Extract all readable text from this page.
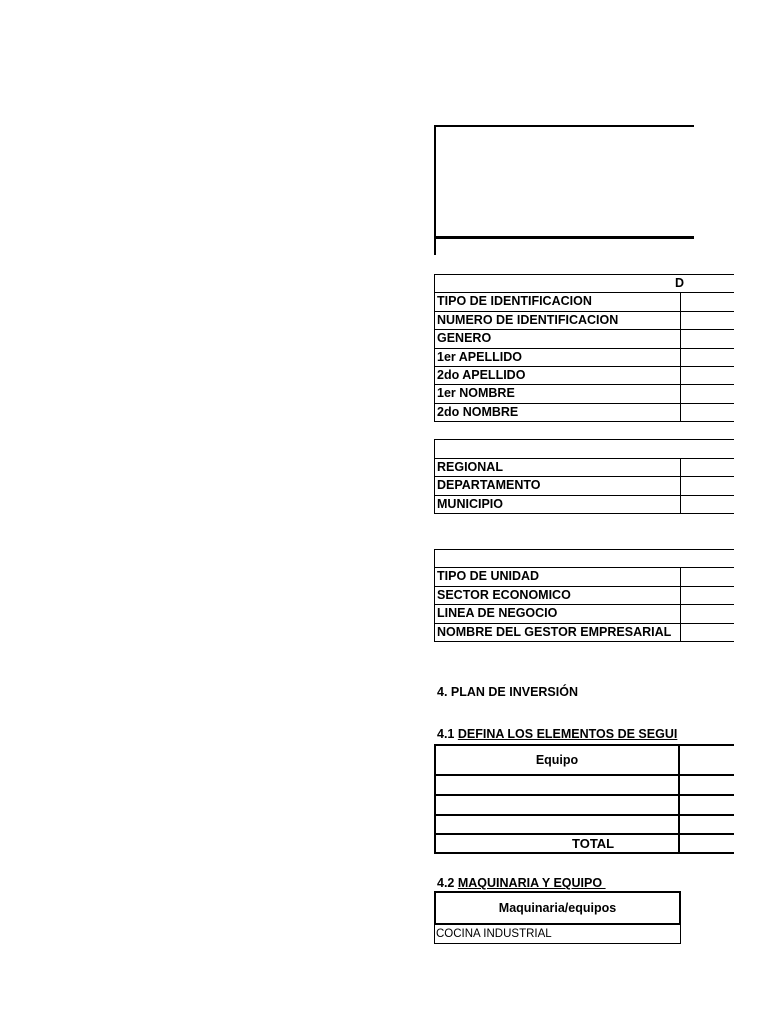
D
TIPO DE IDENTIFICACION
NUMERO DE IDENTIFICACION
GENERO
1er APELLIDO
2do APELLIDO
1er NOMBRE
2do NOMBRE
REGIONAL
DEPARTAMENTO
MUNICIPIO
TIPO DE UNIDAD
SECTOR ECONOMICO
LINEA DE NEGOCIO
NOMBRE DEL GESTOR EMPRESARIAL
4. PLAN DE INVERSIÓN
4.1 DEFINA LOS ELEMENTOS DE SEGUI
Equipo
TOTAL
4.2 MAQUINARIA Y EQUIPO
Maquinaria/equipos
COCINA INDUSTRIAL
